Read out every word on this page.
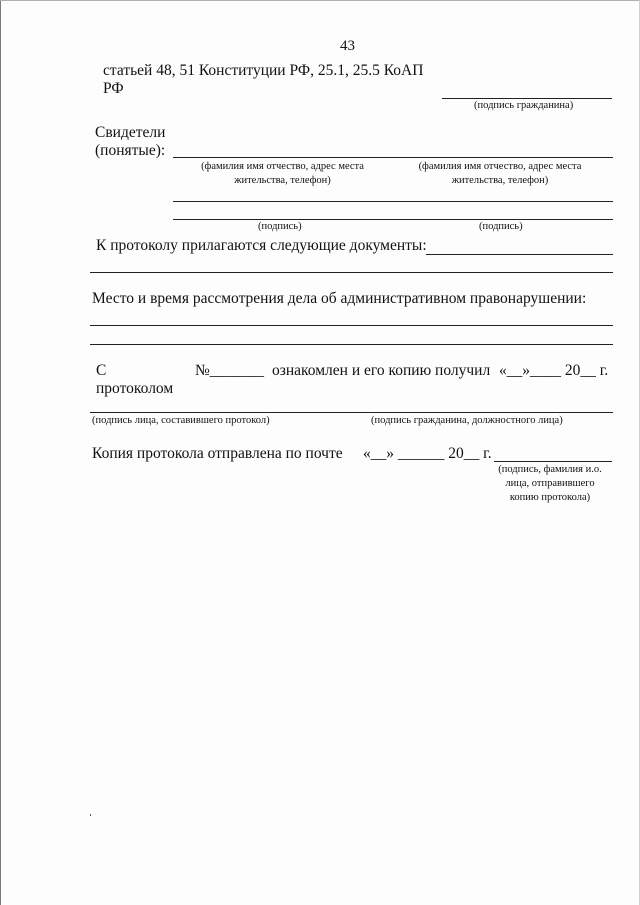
43
статьей 48, 51 Конституции РФ, 25.1, 25.5 КоАП
РФ
(подпись гражданина)
Свидетели
(понятые):
(фамилия имя отчество, адрес места жительства, телефон)
(фамилия имя отчество, адрес места жительства, телефон)
(подпись)	(подпись)
К протоколу прилагаются следующие документы:
Место и время рассмотрения дела об административном правонарушении:
С
протоколом
№_______ ознакомлен и его копию получил «__»____ 20__ г.
(подпись лица, составившего протокол)	(подпись гражданина, должностного лица)
Копия протокола отправлена по почте «__» ______ 20__ г.
(подпись, фамилия и.о. лица, отправившего копию протокола)
